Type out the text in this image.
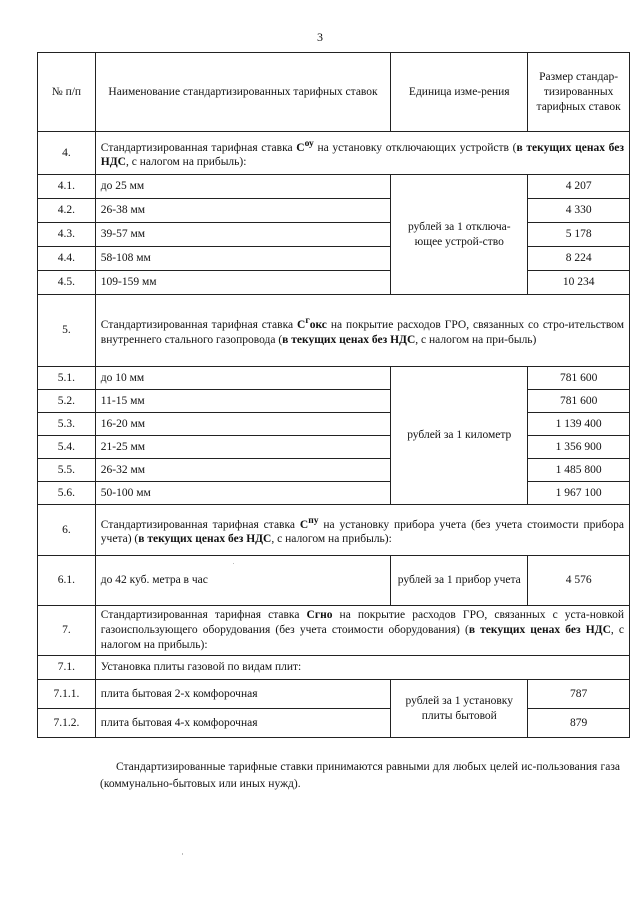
3
№ п/п	Наименование стандартизированных тарифных ставок	Единица изме-рения	Размер стандар-тизированных тарифных ставок
4.	Стандартизированная тарифная ставка $C^{оу}$ на установку отключающих устройств (в текущих ценах без НДС, с налогом на прибыль):		
4.1.	до 25 мм	рублей за 1 отключа-ющее устрой-ство	4 207
4.2.	26-38 мм		4 330
4.3.	39-57 мм		5 178
4.4.	58-108 мм		8 224
4.5.	109-159 мм		10 234
5.	Стандартизированная тарифная ставка $C^гокс$ на покрытие расходов ГРО, связанных со стро-ительством внутреннего стального газопровода (в текущих ценах без НДС, с налогом на при-быль)		
5.1.	до 10 мм	рублей за 1 километр	781 600
5.2.	11-15 мм		781 600
5.3.	16-20 мм		1 139 400
5.4.	21-25 мм		1 356 900
5.5.	26-32 мм		1 485 800
5.6.	50-100 мм		1 967 100
6.	Стандартизированная тарифная ставка $C^{пу}$ на установку прибора учета (без учета стоимости прибора учета) (в текущих ценах без НДС, с налогом на прибыль):		
6.1.	до 42 куб. метра в час	рублей за 1 прибор учета	4 576
7.	Стандартизированная тарифная ставка Сгно на покрытие расходов ГРО, связанных с уста-новкой газоиспользующего оборудования (без учета стоимости оборудования) (в текущих ценах без НДС, с налогом на прибыль):		
7.1.	Установка плиты газовой по видам плит:		
7.1.1.	плита бытовая 2-х комфорочная	рублей за 1 установку плиты бытовой	787
7.1.2.	плита бытовая 4-х комфорочная		879
Стандартизированные тарифные ставки принимаются равными для любых целей ис-пользования газа (коммунально-бытовых или иных нужд).
